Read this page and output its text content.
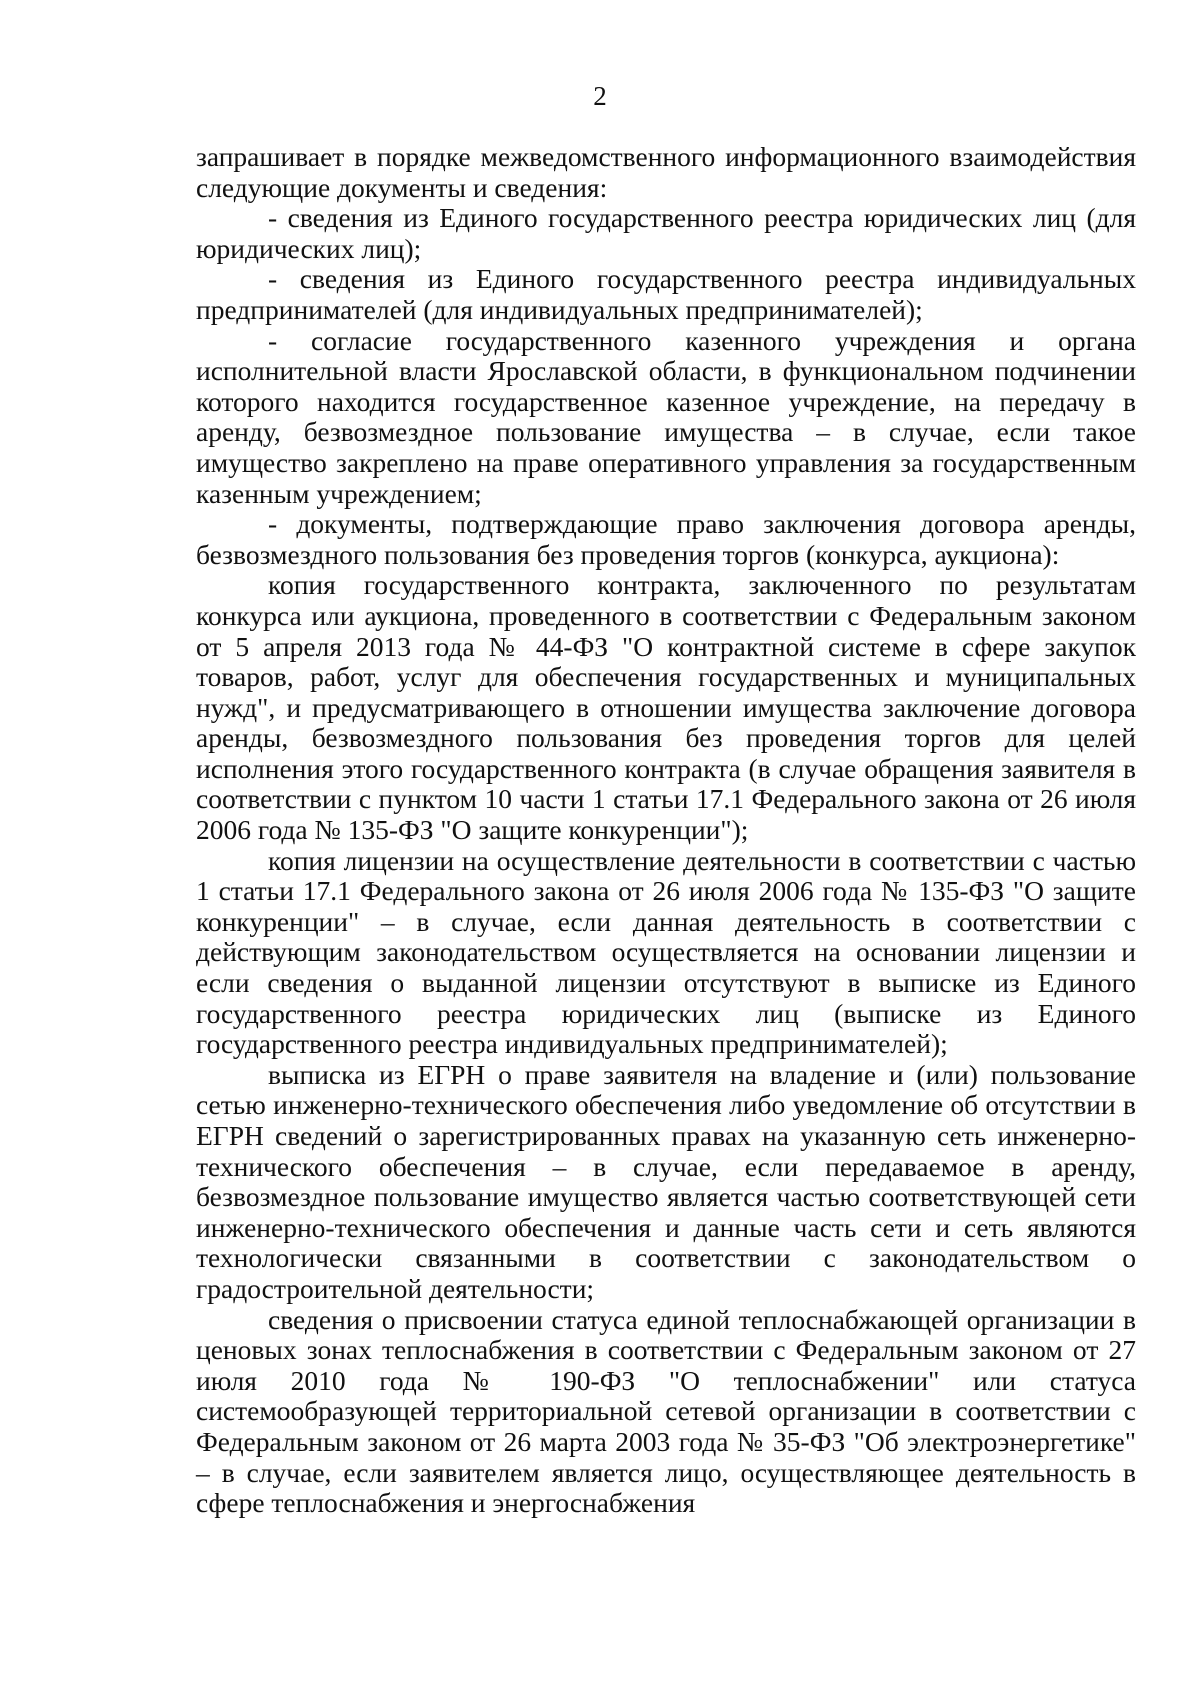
2

запрашивает в порядке межведомственного информационного взаимодействия следующие документы и сведения:

- сведения из Единого государственного реестра юридических лиц (для юридических лиц);

- сведения из Единого государственного реестра индивидуальных предпринимателей (для индивидуальных предпринимателей);

- согласие государственного казенного учреждения и органа исполнительной власти Ярославской области, в функциональном подчинении которого находится государственное казенное учреждение, на передачу в аренду, безвозмездное пользование имущества – в случае, если такое имущество закреплено на праве оперативного управления за государственным казенным учреждением;

- документы, подтверждающие право заключения договора аренды, безвозмездного пользования без проведения торгов (конкурса, аукциона):

копия государственного контракта, заключенного по результатам конкурса или аукциона, проведенного в соответствии с Федеральным законом от 5 апреля 2013 года № 44-ФЗ "О контрактной системе в сфере закупок товаров, работ, услуг для обеспечения государственных и муниципальных нужд", и предусматривающего в отношении имущества заключение договора аренды, безвозмездного пользования без проведения торгов для целей исполнения этого государственного контракта (в случае обращения заявителя в соответствии с пунктом 10 части 1 статьи 17.1 Федерального закона от 26 июля 2006 года № 135-ФЗ "О защите конкуренции");

копия лицензии на осуществление деятельности в соответствии с частью 1 статьи 17.1 Федерального закона от 26 июля 2006 года № 135-ФЗ "О защите конкуренции" – в случае, если данная деятельность в соответствии с действующим законодательством осуществляется на основании лицензии и если сведения о выданной лицензии отсутствуют в выписке из Единого государственного реестра юридических лиц (выписке из Единого государственного реестра индивидуальных предпринимателей);

выписка из ЕГРН о праве заявителя на владение и (или) пользование сетью инженерно-технического обеспечения либо уведомление об отсутствии в ЕГРН сведений о зарегистрированных правах на указанную сеть инженерно-технического обеспечения – в случае, если передаваемое в аренду, безвозмездное пользование имущество является частью соответствующей сети инженерно-технического обеспечения и данные часть сети и сеть являются технологически связанными в соответствии с законодательством о градостроительной деятельности;

сведения о присвоении статуса единой теплоснабжающей организации в ценовых зонах теплоснабжения в соответствии с Федеральным законом от 27 июля 2010 года № 190-ФЗ "О теплоснабжении" или статуса системообразующей территориальной сетевой организации в соответствии с Федеральным законом от 26 марта 2003 года № 35-ФЗ "Об электроэнергетике" – в случае, если заявителем является лицо, осуществляющее деятельность в сфере теплоснабжения и энергоснабжения
